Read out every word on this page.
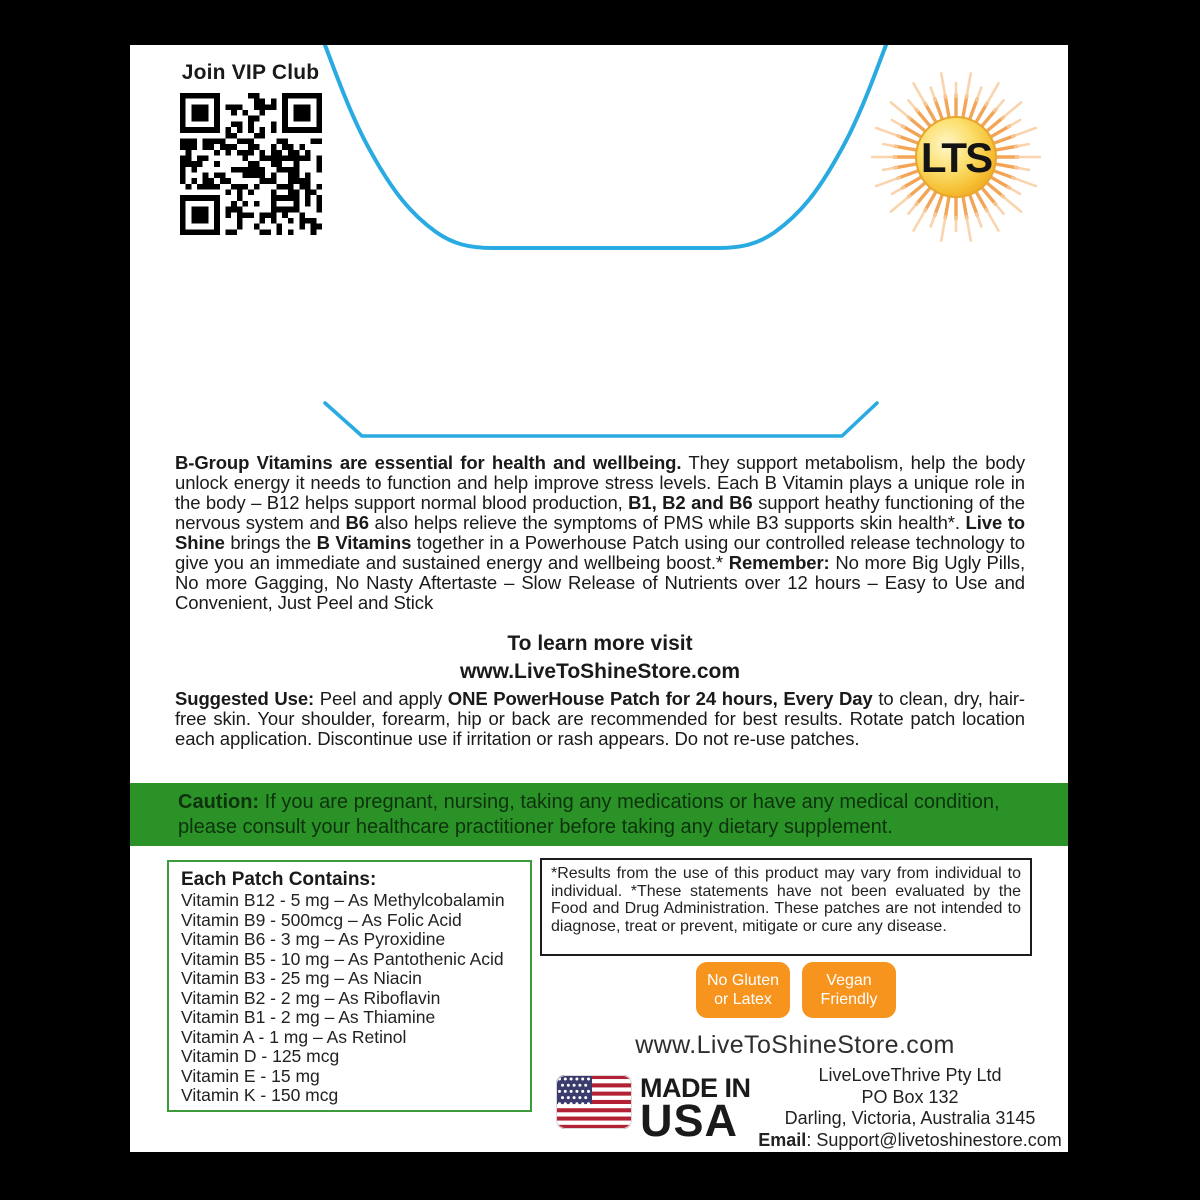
Join VIP Club
LTS

B-Group Vitamins are essential for health and wellbeing. They support metabolism, help the body unlock energy it needs to function and help improve stress levels. Each B Vitamin plays a unique role in the body – B12 helps support normal blood production, B1, B2 and B6 support heathy functioning of the nervous system and B6 also helps relieve the symptoms of PMS while B3 supports skin health*. Live to Shine brings the B Vitamins together in a Powerhouse Patch using our controlled release technology to give you an immediate and sustained energy and wellbeing boost.* Remember: No more Big Ugly Pills, No more Gagging, No Nasty Aftertaste – Slow Release of Nutrients over 12 hours – Easy to Use and Convenient, Just Peel and Stick

To learn more visit
www.LiveToShineStore.com

Suggested Use: Peel and apply ONE PowerHouse Patch for 24 hours, Every Day to clean, dry, hair-free skin. Your shoulder, forearm, hip or back are recommended for best results. Rotate patch location each application. Discontinue use if irritation or rash appears. Do not re-use patches.

Caution: If you are pregnant, nursing, taking any medications or have any medical condition, please consult your healthcare practitioner before taking any dietary supplement.

Each Patch Contains:
Vitamin B12 - 5 mg – As Methylcobalamin
Vitamin B9 - 500mcg – As Folic Acid
Vitamin B6 - 3 mg – As Pyroxidine
Vitamin B5 - 10 mg – As Pantothenic Acid
Vitamin B3 - 25 mg – As Niacin
Vitamin B2 - 2 mg – As Riboflavin
Vitamin B1 - 2 mg – As Thiamine
Vitamin A - 1 mg – As Retinol
Vitamin D - 125 mcg
Vitamin E - 15 mg
Vitamin K - 150 mcg
*Results from the use of this product may vary from individual to individual. *These statements have not been evaluated by the Food and Drug Administration. These patches are not intended to diagnose, treat or prevent, mitigate or cure any disease.
No Gluten
or Latex
Vegan
Friendly
www.LiveToShineStore.com
MADE IN
USA
LiveLoveThrive Pty Ltd
PO Box 132
Darling, Victoria, Australia 3145
Email: Support@livetoshinestore.com
